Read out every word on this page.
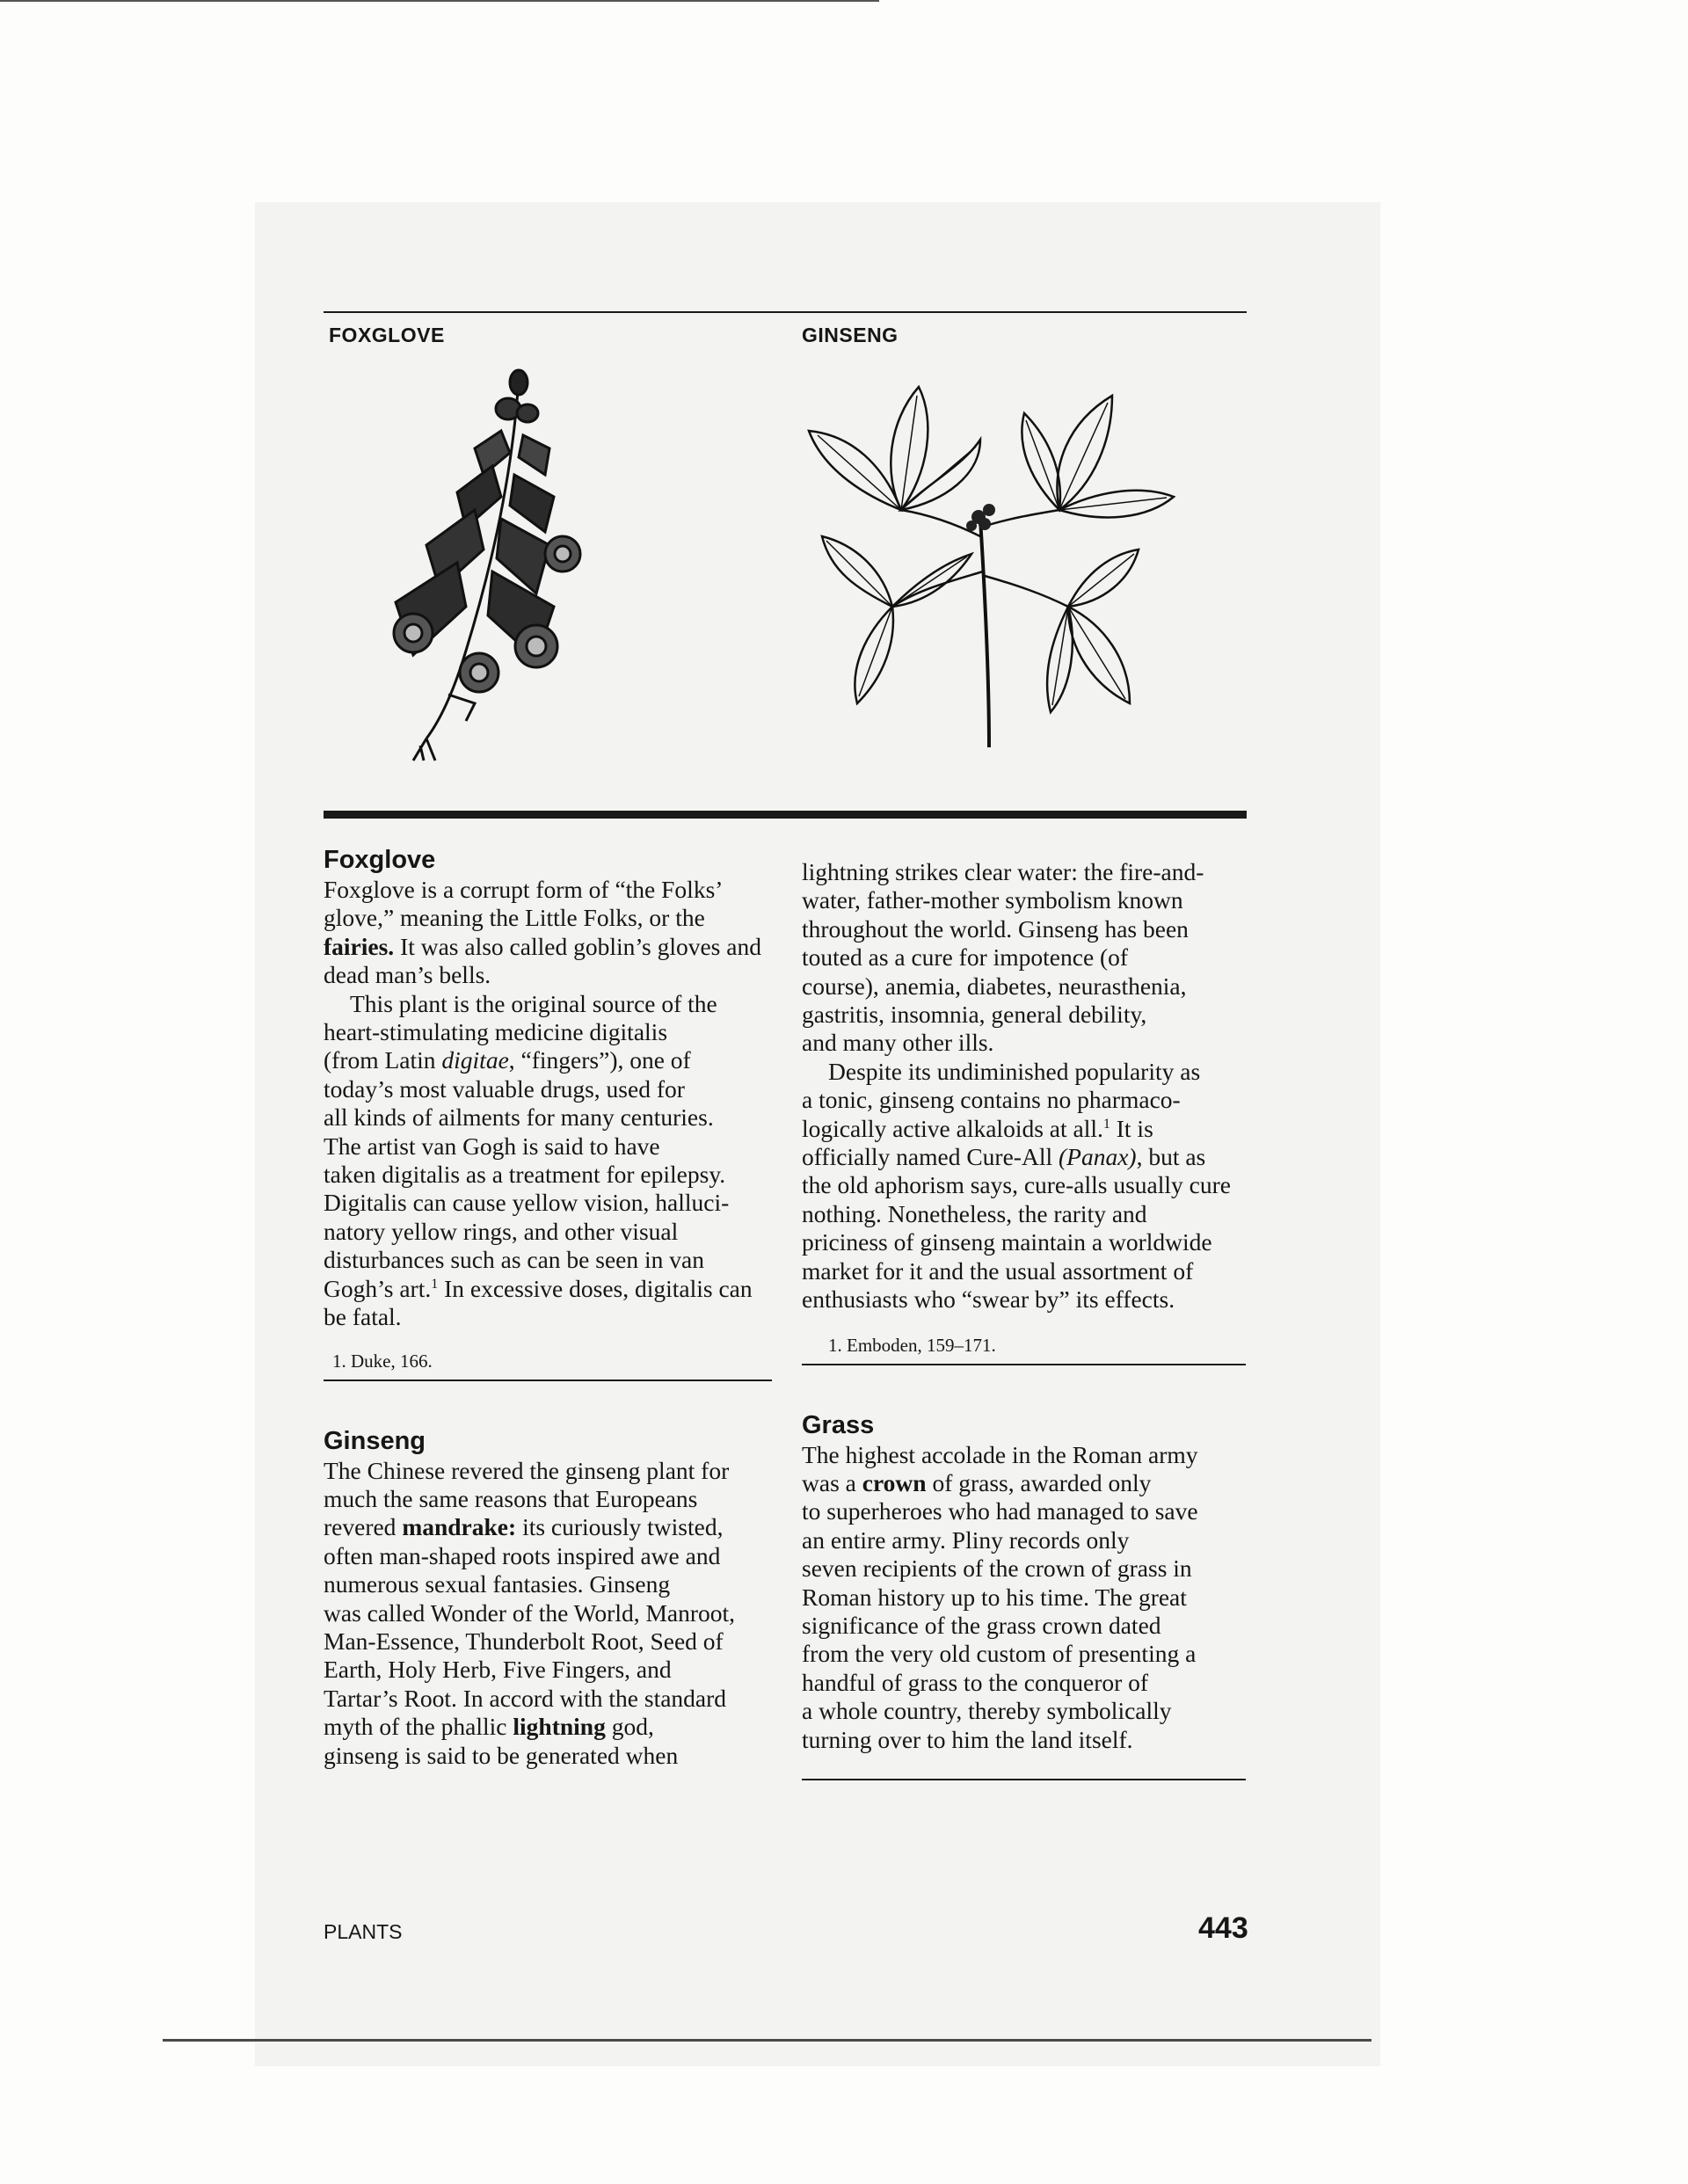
FOXGLOVE	GINSENG
Foxglove

Foxglove is a corrupt form of “the Folks’
glove,” meaning the Little Folks, or the
fairies. It was also called goblin’s gloves and
dead man’s bells.

This plant is the original source of the
heart-stimulating medicine digitalis
(from Latin digitae, “fingers”), one of
today’s most valuable drugs, used for
all kinds of ailments for many centuries.
The artist van Gogh is said to have
taken digitalis as a treatment for epilepsy.
Digitalis can cause yellow vision, halluci-
natory yellow rings, and other visual
disturbances such as can be seen in van
Gogh’s art.$^1$ In excessive doses, digitalis can
be fatal.

1. Duke, 166.

Ginseng

The Chinese revered the ginseng plant for
much the same reasons that Europeans
revered mandrake: its curiously twisted,
often man-shaped roots inspired awe and
numerous sexual fantasies. Ginseng
was called Wonder of the World, Manroot,
Man-Essence, Thunderbolt Root, Seed of
Earth, Holy Herb, Five Fingers, and
Tartar’s Root. In accord with the standard
myth of the phallic lightning god,
ginseng is said to be generated when

lightning strikes clear water: the fire-and-
water, father-mother symbolism known
throughout the world. Ginseng has been
touted as a cure for impotence (of
course), anemia, diabetes, neurasthenia,
gastritis, insomnia, general debility,
and many other ills.

Despite its undiminished popularity as
a tonic, ginseng contains no pharmaco-
logically active alkaloids at all.$^1$ It is
officially named Cure-All (Panax), but as
the old aphorism says, cure-alls usually cure
nothing. Nonetheless, the rarity and
priciness of ginseng maintain a worldwide
market for it and the usual assortment of
enthusiasts who “swear by” its effects.

1. Emboden, 159–171.

Grass

The highest accolade in the Roman army
was a crown of grass, awarded only
to superheroes who had managed to save
an entire army. Pliny records only
seven recipients of the crown of grass in
Roman history up to his time. The great
significance of the grass crown dated
from the very old custom of presenting a
handful of grass to the conqueror of
a whole country, thereby symbolically
turning over to him the land itself.

PLANTS	443
